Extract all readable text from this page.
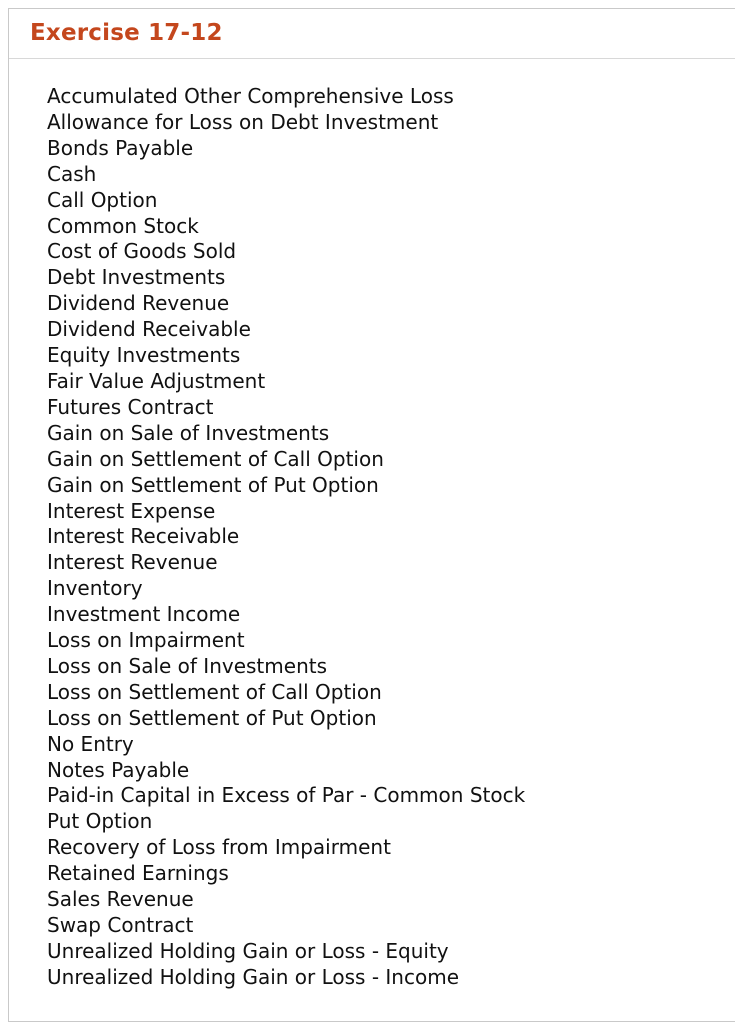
Exercise 17-12
Accumulated Other Comprehensive Loss
Allowance for Loss on Debt Investment
Bonds Payable
Cash
Call Option
Common Stock
Cost of Goods Sold
Debt Investments
Dividend Revenue
Dividend Receivable
Equity Investments
Fair Value Adjustment
Futures Contract
Gain on Sale of Investments
Gain on Settlement of Call Option
Gain on Settlement of Put Option
Interest Expense
Interest Receivable
Interest Revenue
Inventory
Investment Income
Loss on Impairment
Loss on Sale of Investments
Loss on Settlement of Call Option
Loss on Settlement of Put Option
No Entry
Notes Payable
Paid-in Capital in Excess of Par - Common Stock
Put Option
Recovery of Loss from Impairment
Retained Earnings
Sales Revenue
Swap Contract
Unrealized Holding Gain or Loss - Equity
Unrealized Holding Gain or Loss - Income
